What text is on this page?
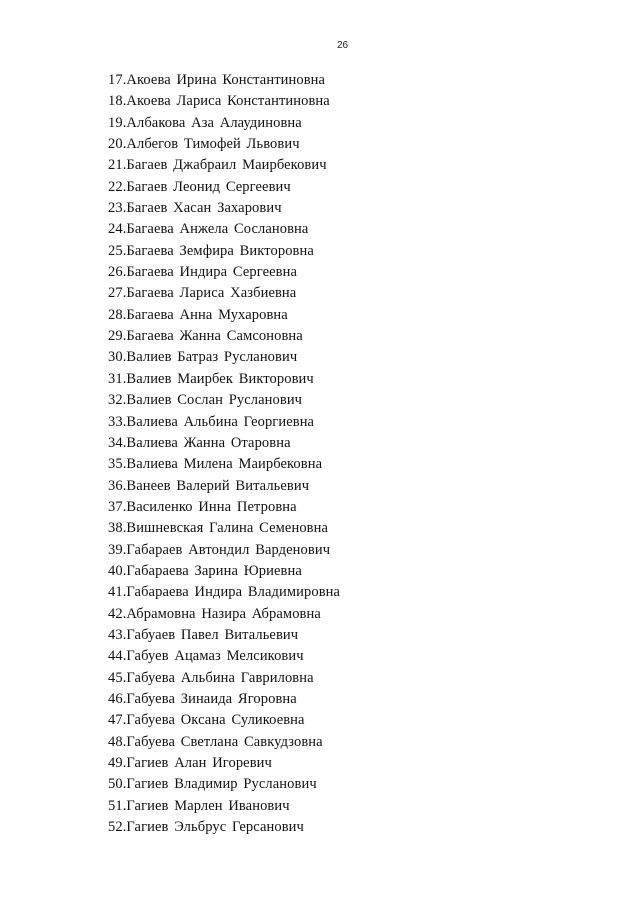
26
17.Акоева Ирина Константиновна
18.Акоева Лариса Константиновна
19.Албакова Аза Алаудиновна
20.Албегов Тимофей Львович
21.Багаев Джабраил Маирбекович
22.Багаев Леонид Сергеевич
23.Багаев Хасан Захарович
24.Багаева Анжела Сослановна
25.Багаева Земфира Викторовна
26.Багаева Индира Сергеевна
27.Багаева Лариса Хазбиевна
28.Багаева Анна Мухаровна
29.Багаева Жанна Самсоновна
30.Валиев Батраз Русланович
31.Валиев Маирбек Викторович
32.Валиев Сослан Русланович
33.Валиева Альбина Георгиевна
34.Валиева Жанна Отаровна
35.Валиева Милена Маирбековна
36.Ванеев Валерий Витальевич
37.Василенко Инна Петровна
38.Вишневская Галина Семеновна
39.Габараев Автондил Варденович
40.Габараева Зарина Юриевна
41.Габараева Индира Владимировна
42.Абрамовна Назира Абрамовна
43.Габуаев Павел Витальевич
44.Габуев Ацамаз Мелсикович
45.Габуева Альбина Гавриловна
46.Габуева Зинаида Ягоровна
47.Габуева Оксана Суликоевна
48.Габуева Светлана Савкудзовна
49.Гагиев Алан Игоревич
50.Гагиев Владимир Русланович
51.Гагиев Марлен Иванович
52.Гагиев Эльбрус Герсанович
